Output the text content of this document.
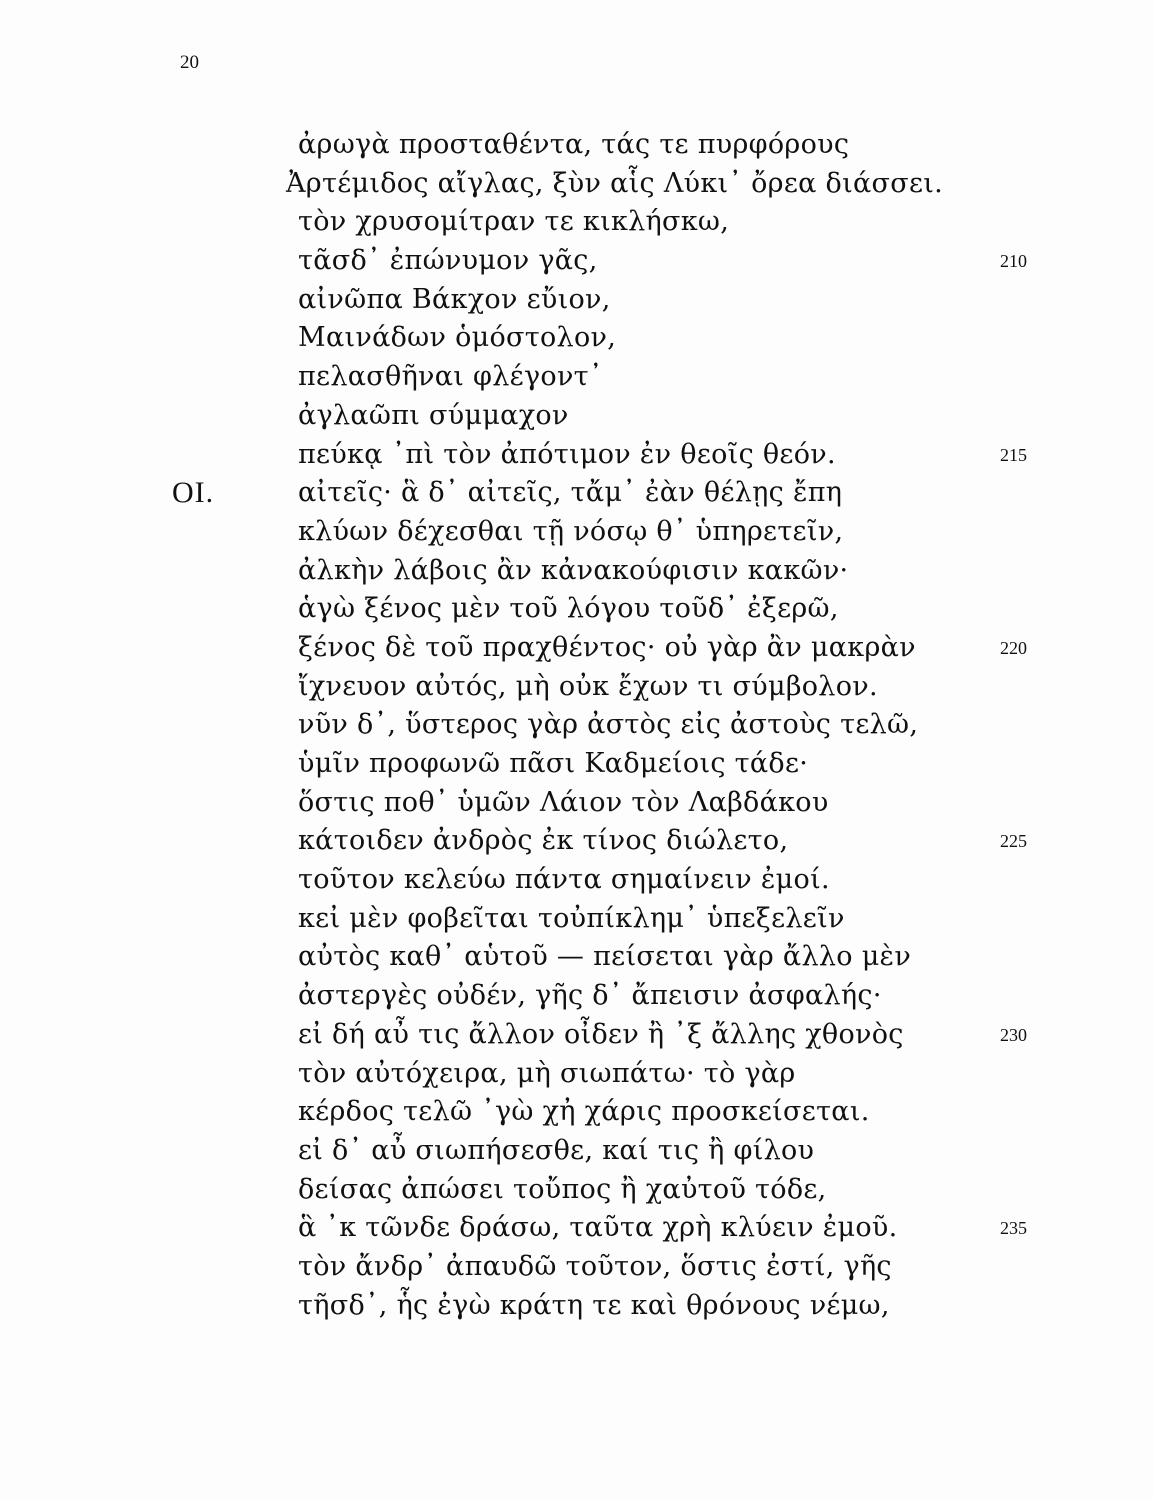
20
ἀρωγὰ προσταθέντα, τάς τε πυρφόρους
Ἀρτέμιδος αἴγλας, ξὺν αἷς Λύκι᾽ ὄρεα διάσσει.
τὸν χρυσομίτραν τε κικλήσκω,
τᾶσδ᾽ ἐπώνυμον γᾶς,	210
αἰνῶπα Βάκχον εὔιον,
Μαινάδων ὁμόστολον,
πελασθῆναι φλέγοντ᾽
ἀγλαῶπι σύμμαχον
πεύκᾳ ᾽πὶ τὸν ἀπότιμον ἐν θεοῖς θεόν.	215
ΟΙ.	αἰτεῖς· ἃ δ᾽ αἰτεῖς, τἄμ᾽ ἐὰν θέλῃς ἔπη
κλύων δέχεσθαι τῇ νόσῳ θ᾽ ὑπηρετεῖν,
ἀλκὴν λάβοις ἂν κἀνακούφισιν κακῶν·
ἁγὼ ξένος μὲν τοῦ λόγου τοῦδ᾽ ἐξερῶ,
ξένος δὲ τοῦ πραχθέντος· οὐ γὰρ ἂν μακρὰν	220
ἴχνευον αὐτός, μὴ οὐκ ἔχων τι σύμβολον.
νῦν δ᾽, ὕστερος γὰρ ἀστὸς εἰς ἀστοὺς τελῶ,
ὑμῖν προφωνῶ πᾶσι Καδμείοις τάδε·
ὅστις ποθ᾽ ὑμῶν Λάιον τὸν Λαβδάκου
κάτοιδεν ἀνδρὸς ἐκ τίνος διώλετο,	225
τοῦτον κελεύω πάντα σημαίνειν ἐμοί.
κεἰ μὲν φοβεῖται τοὐπίκλημ᾽ ὑπεξελεῖν
αὐτὸς καθ᾽ αὑτοῦ — πείσεται γὰρ ἄλλο μὲν
ἀστεργὲς οὐδέν, γῆς δ᾽ ἄπεισιν ἀσφαλής·
εἰ δή αὖ τις ἄλλον οἶδεν ἢ ᾽ξ ἄλλης χθονὸς	230
τὸν αὐτόχειρα, μὴ σιωπάτω· τὸ γὰρ
κέρδος τελῶ ᾽γὼ χἠ χάρις προσκείσεται.
εἰ δ᾽ αὖ σιωπήσεσθε, καί τις ἢ φίλου
δείσας ἀπώσει τοὔπος ἢ χαὐτοῦ τόδε,
ἃ ᾽κ τῶνδε δράσω, ταῦτα χρὴ κλύειν ἐμοῦ.	235
τὸν ἄνδρ᾽ ἀπαυδῶ τοῦτον, ὅστις ἐστί, γῆς
τῆσδ᾽, ἧς ἐγὼ κράτη τε καὶ θρόνους νέμω,
